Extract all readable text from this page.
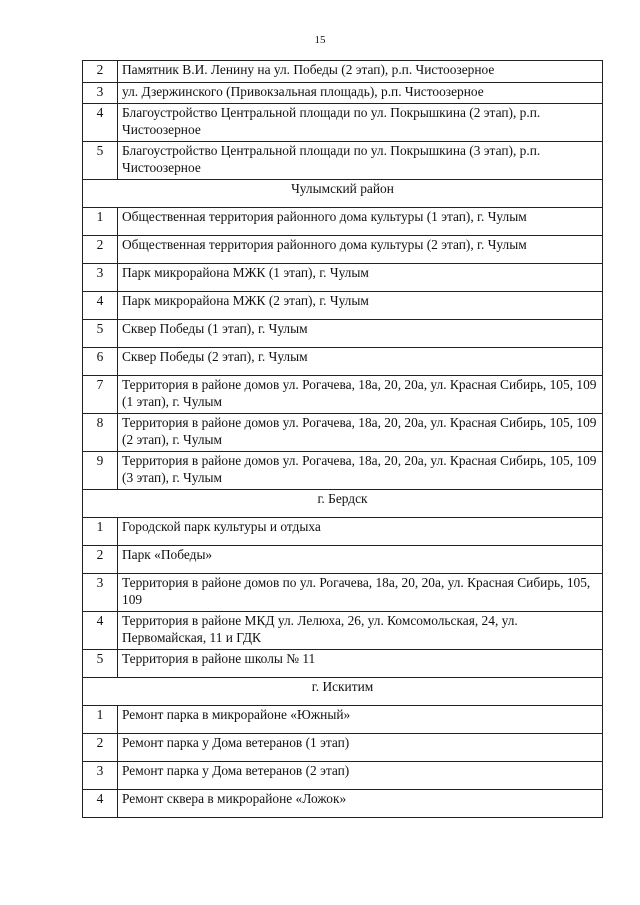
15
2	Памятник В.И. Ленину на ул. Победы (2 этап), р.п. Чистоозерное
3	ул. Дзержинского (Привокзальная площадь), р.п. Чистоозерное
4	Благоустройство Центральной площади по ул. Покрышкина (2 этап), р.п. Чистоозерное
5	Благоустройство Центральной площади по ул. Покрышкина (3 этап), р.п. Чистоозерное
Чулымский район	
1	Общественная территория районного дома культуры (1 этап), г. Чулым
2	Общественная территория районного дома культуры (2 этап), г. Чулым
3	Парк микрорайона МЖК (1 этап), г. Чулым
4	Парк микрорайона МЖК (2 этап), г. Чулым
5	Сквер Победы (1 этап), г. Чулым
6	Сквер Победы (2 этап), г. Чулым
7	Территория в районе домов ул. Рогачева, 18а, 20, 20а, ул. Красная Сибирь, 105, 109 (1 этап), г. Чулым
8	Территория в районе домов ул. Рогачева, 18а, 20, 20а, ул. Красная Сибирь, 105, 109 (2 этап), г. Чулым
9	Территория в районе домов ул. Рогачева, 18а, 20, 20а, ул. Красная Сибирь, 105, 109 (3 этап), г. Чулым
г. Бердск	
1	Городской парк культуры и отдыха
2	Парк «Победы»
3	Территория в районе домов по ул. Рогачева, 18а, 20, 20а, ул. Красная Сибирь, 105, 109
4	Территория в районе МКД ул. Лелюха, 26, ул. Комсомольская, 24, ул. Первомайская, 11 и ГДК
5	Территория в районе школы № 11
г. Искитим	
1	Ремонт парка в микрорайоне «Южный»
2	Ремонт парка у Дома ветеранов (1 этап)
3	Ремонт парка у Дома ветеранов (2 этап)
4	Ремонт сквера в микрорайоне «Ложок»
